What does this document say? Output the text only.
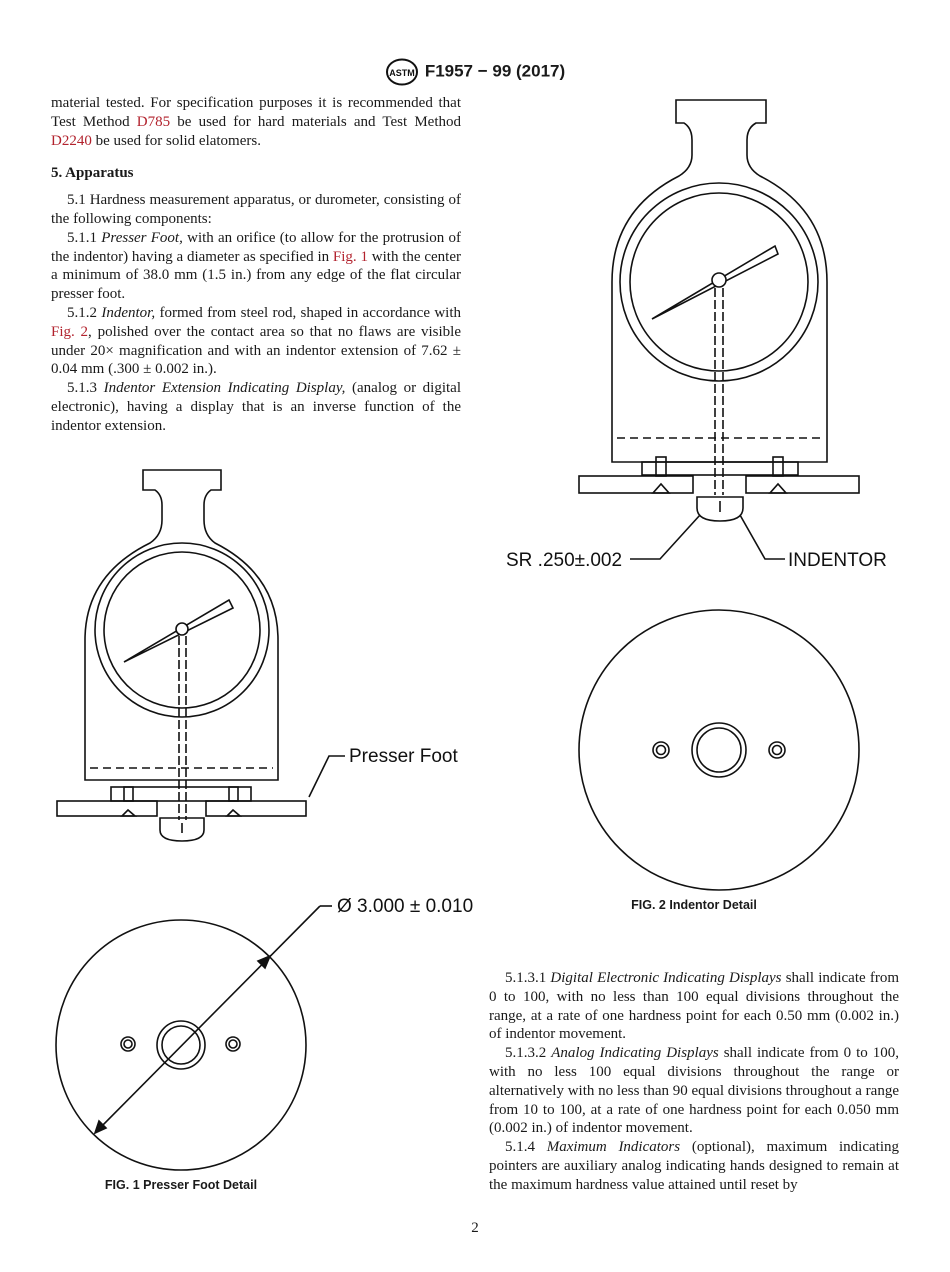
ASTM F1957 − 99 (2017)

material tested. For specification purposes it is recommended that Test Method D785 be used for hard materials and Test Method D2240 be used for solid elatomers.

5. Apparatus

5.1 Hardness measurement apparatus, or durometer, consisting of the following components:

5.1.1 Presser Foot, with an orifice (to allow for the protrusion of the indentor) having a diameter as specified in Fig. 1 with the center a minimum of 38.0 mm (1.5 in.) from any edge of the flat circular presser foot.

5.1.2 Indentor, formed from steel rod, shaped in accordance with Fig. 2, polished over the contact area so that no flaws are visible under 20× magnification and with an indentor extension of 7.62 ± 0.04 mm (.300 ± 0.002 in.).

5.1.3 Indentor Extension Indicating Display, (analog or digital electronic), having a display that is an inverse function of the indentor extension.

5.1.3.1 Digital Electronic Indicating Displays shall indicate from 0 to 100, with no less than 100 equal divisions throughout the range, at a rate of one hardness point for each 0.50 mm (0.002 in.) of indentor movement.

5.1.3.2 Analog Indicating Displays shall indicate from 0 to 100, with no less 100 equal divisions throughout the range or alternatively with no less than 90 equal divisions throughout a range from 10 to 100, at a rate of one hardness point for each 0.050 mm (0.002 in.) of indentor movement.

5.1.4 Maximum Indicators (optional), maximum indicating pointers are auxiliary analog indicating hands designed to remain at the maximum hardness value attained until reset by

Presser Foot
Ø 3.000 ± 0.010
SR .250±.002	INDENTOR
FIG. 1 Presser Foot Detail
FIG. 2 Indentor Detail
2
